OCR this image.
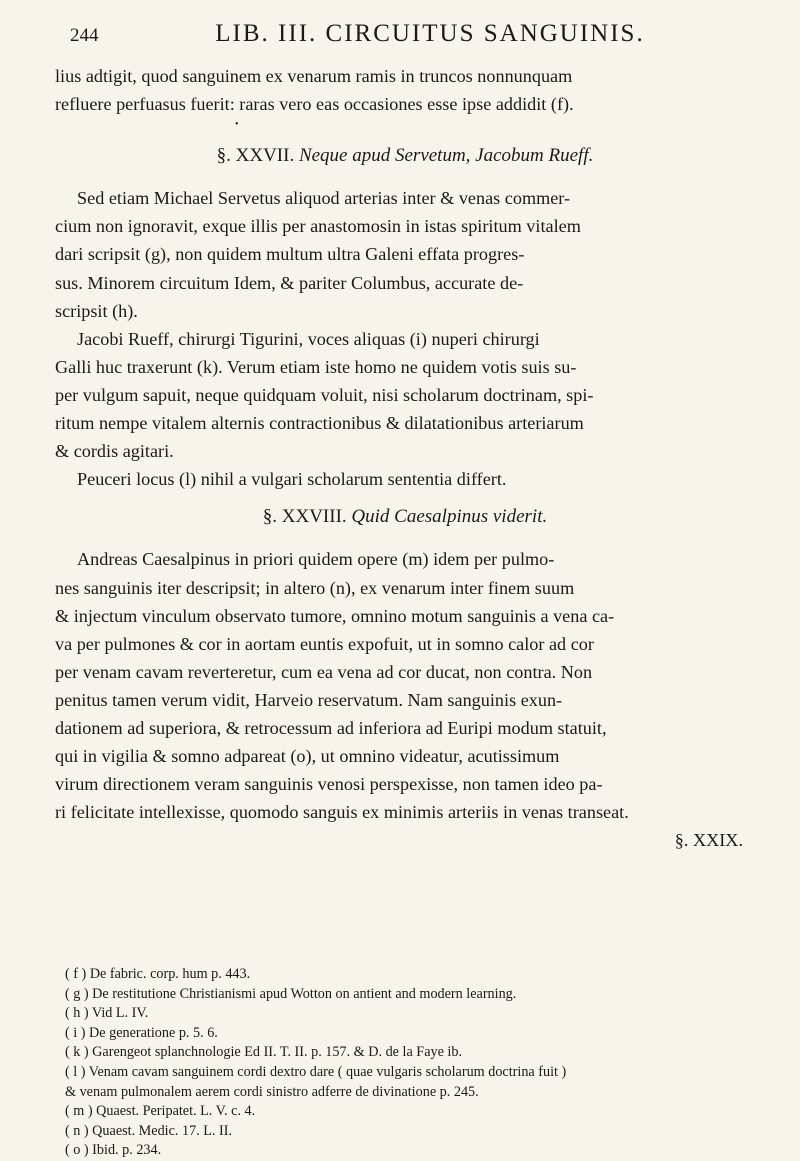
244	LIB. III. CIRCUITUS SANGUINIS.
lius adtigit, quod sanguinem ex venarum ramis in truncos nonnunquam
refluere perfuasus fuerit: raras vero eas occasiones esse ipse addidit (f).
•
§. XXVII. Neque apud Servetum, Jacobum Rueff.
Sed etiam Michael Servetus aliquod arterias inter & venas commer-
cium non ignoravit, exque illis per anastomosin in istas spiritum vitalem
dari scripsit (g), non quidem multum ultra Galeni effata progres-
sus. Minorem circuitum Idem, & pariter Columbus, accurate de-
scripsit (h).
Jacobi Rueff, chirurgi Tigurini, voces aliquas (i) nuperi chirurgi
Galli huc traxerunt (k). Verum etiam iste homo ne quidem votis suis su-
per vulgum sapuit, neque quidquam voluit, nisi scholarum doctrinam, spi-
ritum nempe vitalem alternis contractionibus & dilatationibus arteriarum
& cordis agitari.
Peuceri locus (l) nihil a vulgari scholarum sententia differt.
§. XXVIII. Quid Caesalpinus viderit.
Andreas Caesalpinus in priori quidem opere (m) idem per pulmo-
nes sanguinis iter descripsit; in altero (n), ex venarum inter finem suum
& injectum vinculum observato tumore, omnino motum sanguinis a vena ca-
va per pulmones & cor in aortam euntis expofuit, ut in somno calor ad cor
per venam cavam reverteretur, cum ea vena ad cor ducat, non contra. Non
penitus tamen verum vidit, Harveio reservatum. Nam sanguinis exun-
dationem ad superiora, & retrocessum ad inferiora ad Euripi modum statuit,
qui in vigilia & somno adpareat (o), ut omnino videatur, acutissimum
virum directionem veram sanguinis venosi perspexisse, non tamen ideo pa-
ri felicitate intellexisse, quomodo sanguis ex minimis arteriis in venas transeat.
§. XXIX.
( f ) De fabric. corp. hum p. 443.
( g ) De restitutione Christianismi apud Wotton on antient and modern learning.
( h ) Vid L. IV.
( i ) De generatione p. 5. 6.
( k ) Garengeot splanchnologie Ed II. T. II. p. 157. & D. de la Faye ib.
( l ) Venam cavam sanguinem cordi dextro dare ( quae vulgaris scholarum doctrina fuit )
& venam pulmonalem aerem cordi sinistro adferre de divinatione p. 245.
( m ) Quaest. Peripatet. L. V. c. 4.
( n ) Quaest. Medic. 17. L. II.
( o ) Ibid. p. 234.
